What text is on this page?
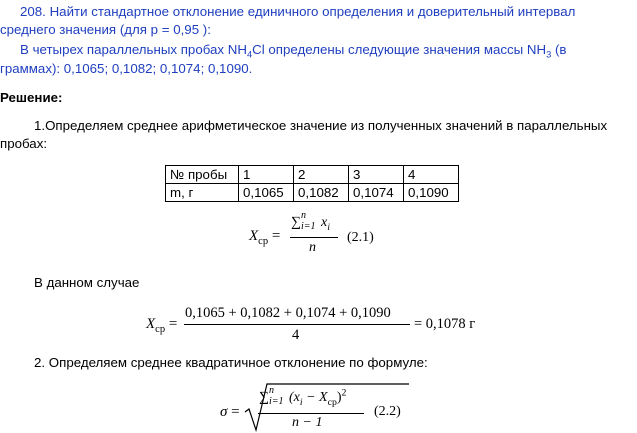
208. Найти стандартное отклонение единичного определения и доверительный интервал
среднего значения (для p = 0,95 ):
В четырех параллельных пробах $NH_4Cl$ определены следующие значения массы $NH_3$ (в
граммах): 0,1065; 0,1082; 0,1074; 0,1090.
Решение:
1.Определяем среднее арифметическое значение из полученных значений в параллельных
пробах:
№ пробы	1	2	3	4
m, г	0,1065	0,1082	0,1074	0,1090
$X_{ср}$ =
∑ n
i=1 $x_i$
n
(2.1)
В данном случае
$X_{ср}$ =
0,1065 + 0,1082 + 0,1074 + 0,1090
4
= 0,1078 г
2. Определяем среднее квадратичное отклонение по формуле:
σ =
∑ n
i=1 $(x_i - X_{ср})^2$
n − 1
(2.2)
